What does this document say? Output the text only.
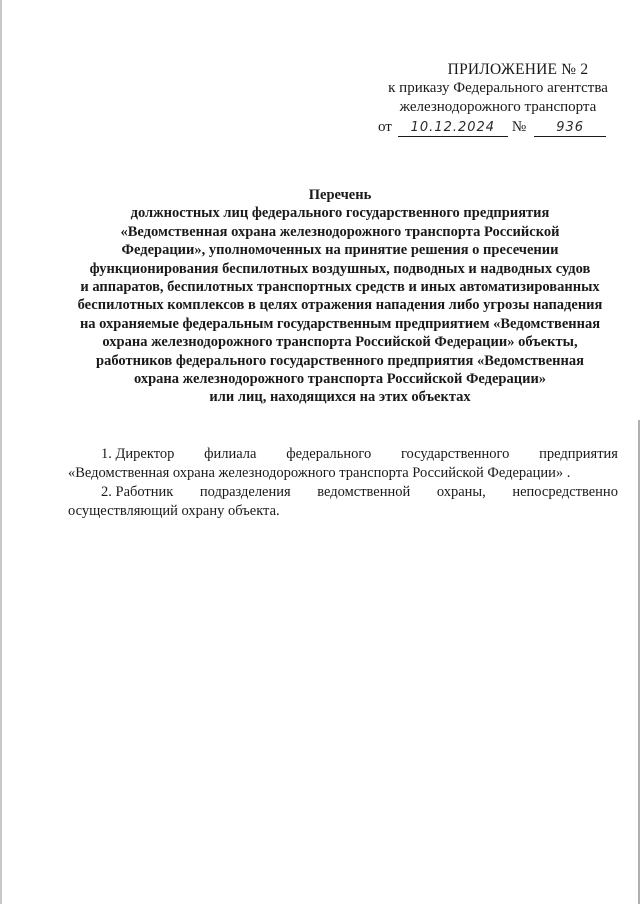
ПРИЛОЖЕНИЕ № 2
к приказу Федерального агентства
железнодорожного транспорта
от	10.12.2024	№	936
Перечень
должностных лиц федерального государственного предприятия
«Ведомственная охрана железнодорожного транспорта Российской
Федерации», уполномоченных на принятие решения о пресечении
функционирования беспилотных воздушных, подводных и надводных судов
и аппаратов, беспилотных транспортных средств и иных автоматизированных
беспилотных комплексов в целях отражения нападения либо угрозы нападения
на охраняемые федеральным государственным предприятием «Ведомственная
охрана железнодорожного транспорта Российской Федерации» объекты,
работников федерального государственного предприятия «Ведомственная
охрана железнодорожного транспорта Российской Федерации»
или лиц, находящихся на этих объектах
1. Директор филиала федерального государственного предприятия
«Ведомственная охрана железнодорожного транспорта Российской Федерации» .
2. Работник подразделения ведомственной охраны, непосредственно
осуществляющий охрану объекта.
